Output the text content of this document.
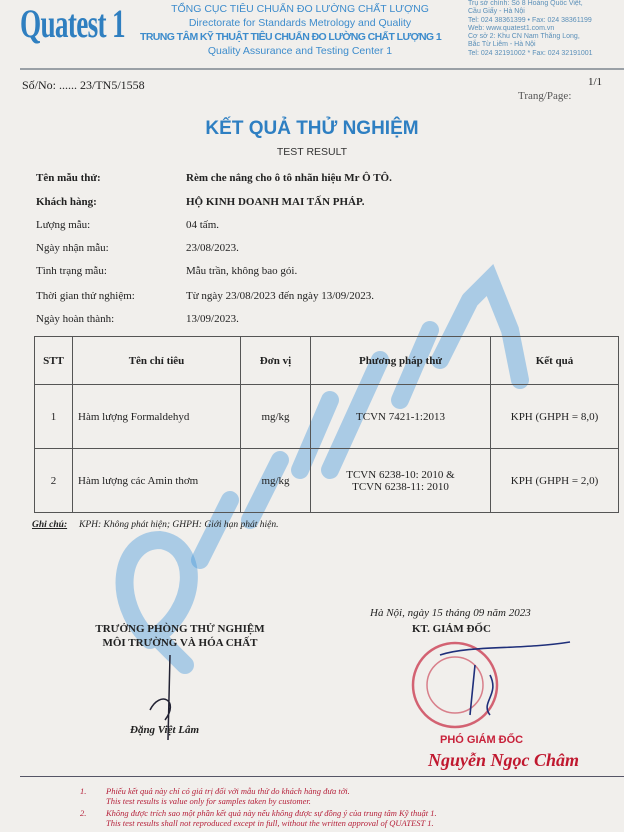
Quatest 1	TỔNG CỤC TIÊU CHUẨN ĐO LƯỜNG CHẤT LƯỢNG
Directorate for Standards Metrology and Quality
TRUNG TÂM KỸ THUẬT TIÊU CHUẨN ĐO LƯỜNG CHẤT LƯỢNG 1
Quality Assurance and Testing Center 1
Trụ sở chính: Số 8 Hoàng Quốc Việt,
Cầu Giấy - Hà Nội
Tel: 024 38361399 • Fax: 024 38361199
Web: www.quatest1.com.vn
Cơ sở 2: Khu CN Nam Thăng Long,
Bắc Từ Liêm - Hà Nội
Tel: 024 32191002 * Fax: 024 32191001
Số/No: ...... 23/TN5/1558	1/1
Trang/Page:
KẾT QUẢ THỬ NGHIỆM
TEST RESULT
Tên mẫu thử:	Rèm che nắng cho ô tô nhãn hiệu Mr Ô TÔ.
Khách hàng:	HỘ KINH DOANH MAI TẤN PHÁP.
Lượng mẫu:	04 tấm.
Ngày nhận mẫu:	23/08/2023.
Tình trạng mẫu:	Mẫu trần, không bao gói.
Thời gian thử nghiệm:	Từ ngày 23/08/2023 đến ngày 13/09/2023.
Ngày hoàn thành:	13/09/2023.
STT	Tên chỉ tiêu	Đơn vị	Phương pháp thử	Kết quả
1	Hàm lượng Formaldehyd	mg/kg	TCVN 7421-1:2013	KPH (GHPH = 8,0)
2	Hàm lượng các Amin thơm	mg/kg	TCVN 6238-10: 2010 & TCVN 6238-11: 2010	KPH (GHPH = 2,0)
Ghi chú: KPH: Không phát hiện; GHPH: Giới hạn phát hiện.
TRƯỞNG PHÒNG THỬ NGHIỆM
MÔI TRƯỜNG VÀ HÓA CHẤT
Đặng Việt Lâm
Hà Nội, ngày 15 tháng 09 năm 2023
KT. GIÁM ĐỐC
PHÓ GIÁM ĐỐC
Nguyễn Ngọc Châm
1. Phiếu kết quả này chỉ có giá trị đối với mẫu thử do khách hàng đưa tới.
This test results is value only for samples taken by customer.
2. Không được trích sao một phần kết quả này nếu không được sự đồng ý của trung tâm Kỹ thuật 1.
This test results shall not reproduced except in full, without the written approval of QUATEST 1.
